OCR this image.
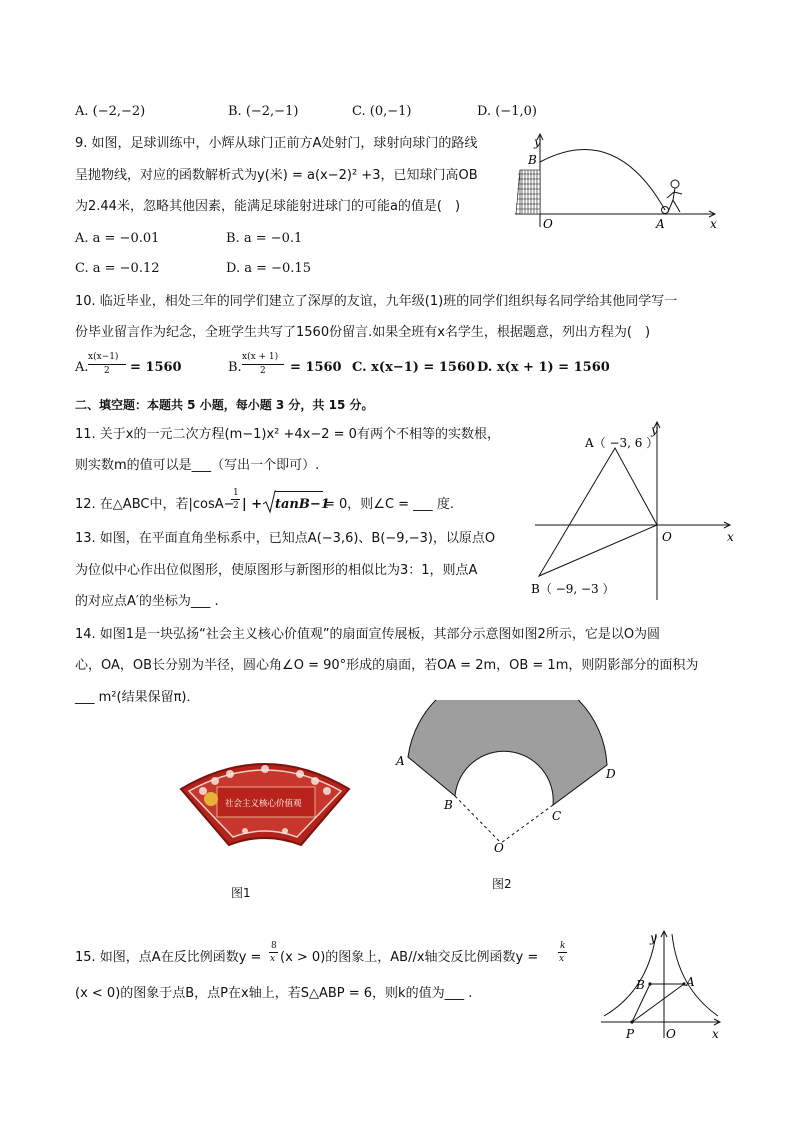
A. (−2,−2)	B. (−2,−1)	C. (0,−1)	D. (−1,0)
9. 如图，足球训练中，小辉从球门正前方A处射门，球射向球门的路线
呈抛物线，对应的函数解析式为y(米) = a(x−2)² +3，已知球门高OB
为2.44米，忽略其他因素，能满足球能射进球门的可能a的值是(　)
A. a = −0.01	B. a = −0.1
C. a = −0.12	D. a = −0.15
y
B
O	A	x
10. 临近毕业，相处三年的同学们建立了深厚的友谊，九年级(1)班的同学们组织每名同学给其他同学写一
份毕业留言作为纪念，全班学生共写了1560份留言.如果全班有x名学生，根据题意，列出方程为(　)
A.
x(x−1)
2 = 1560	B.
x(x + 1)
2 = 1560 C. x(x−1) = 1560 D. x(x + 1) = 1560
二、填空题：本题共 5 小题，每小题 3 分，共 15 分。
11. 关于x的一元二次方程(m−1)x² +4x−2 = 0有两个不相等的实数根，
则实数m的值可以是___（写出一个即可）.
12. 在△ABC中，若|cosA−
1
2 | + tanB−1
= 0，则∠C = ___ 度.
13. 如图，在平面直角坐标系中，已知点A(−3,6)、B(−9,−3)，以原点O
为位似中心作出位似图形，使原图形与新图形的相似比为3：1，则点A
的对应点A′的坐标为___ .
y
A（ −3, 6 ）
B（ −9, −3 ）
O	x
14. 如图1是一块弘扬“社会主义核心价值观”的扇面宣传展板，其部分示意图如图2所示，它是以O为圆
心，OA，OB长分别为半径，圆心角∠O = 90°形成的扇面，若OA = 2m，OB = 1m，则阴影部分的面积为
___ m²(结果保留π)．
社会主义核心价值观
图1
A
B
C
D
O
图2
15. 如图，点A在反比例函数y =
8
x (x > 0)的图象上，AB//x轴交反比例函数y =
k
x
(x < 0)的图象于点B，点P在x轴上，若S△ABP = 6，则k的值为___ .
y
A
B
P	O	x
